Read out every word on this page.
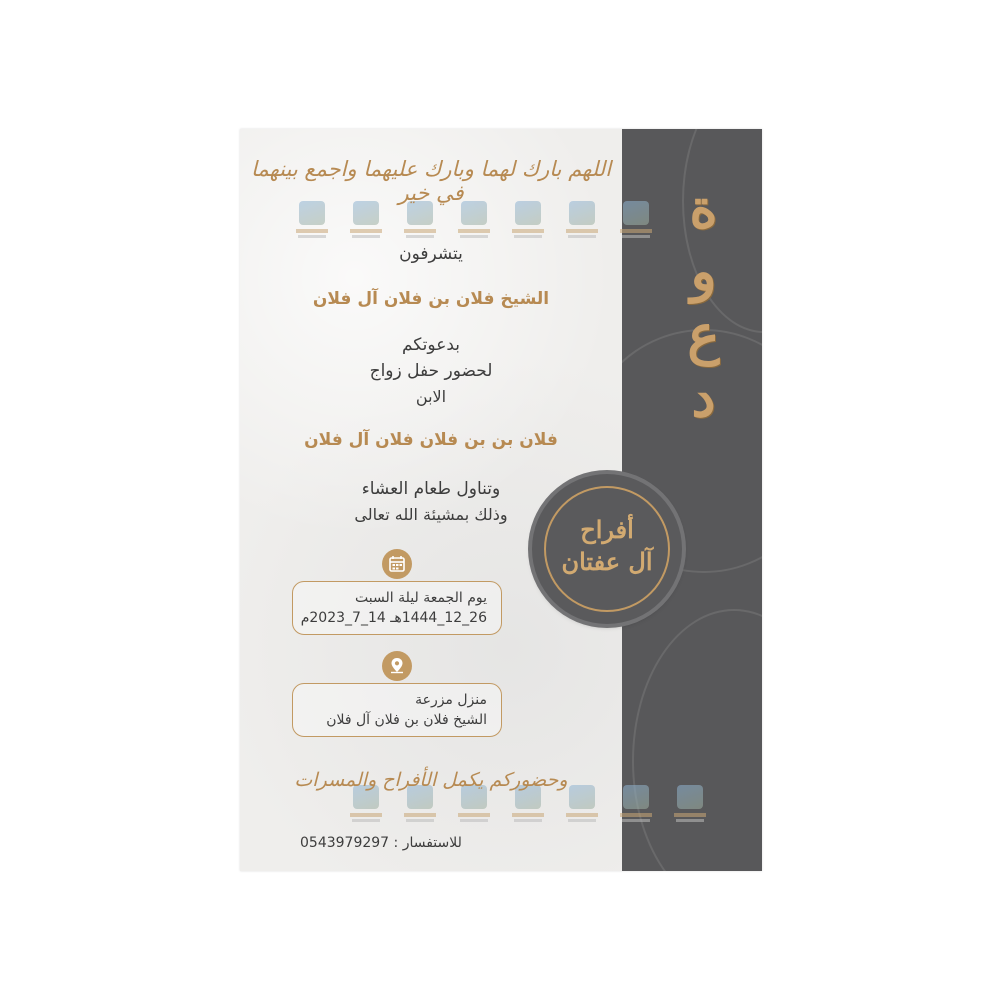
دعوة
اللهم بارك لهما وبارك عليهما واجمع بينهما في خير
يتشرفون
الشيخ فلان بن فلان آل فلان
بدعوتكم
لحضور حفل زواج
الابن
فلان بن بن فلان فلان آل فلان
وتناول طعام العشاء
وذلك بمشيئة الله تعالى
يوم الجمعة ليلة السبت
26_12_1444هـ 14_7_2023م
منزل مزرعة
الشيخ فلان بن فلان آل فلان
وحضوركم يكمل الأفراح والمسرات
للاستفسار : 0543979297
أفراح
آل عفتان
